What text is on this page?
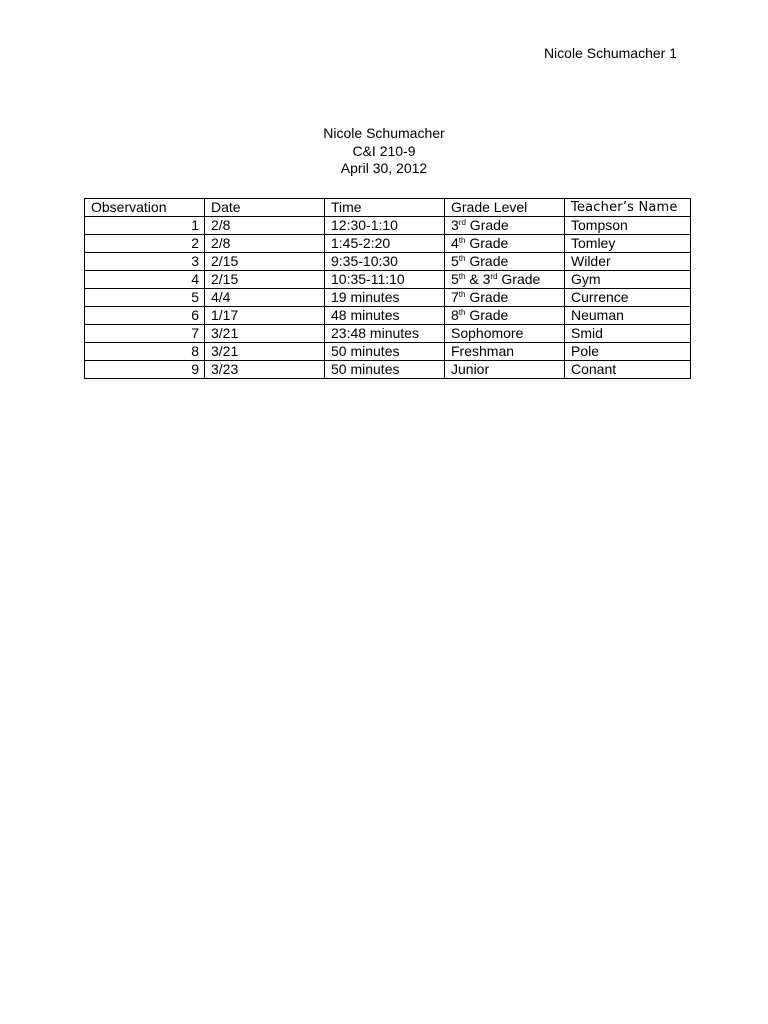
Nicole Schumacher 1
Nicole Schumacher
C&I 210-9
April 30, 2012
Observation	Date	Time	Grade Level	Teacher’s Name
1	2/8	12:30-1:10	3rd Grade	Tompson
2	2/8	1:45-2:20	4th Grade	Tomley
3	2/15	9:35-10:30	5th Grade	Wilder
4	2/15	10:35-11:10	5th & 3rd Grade	Gym
5	4/4	19 minutes	7th Grade	Currence
6	1/17	48 minutes	8th Grade	Neuman
7	3/21	23:48 minutes	Sophomore	Smid
8	3/21	50 minutes	Freshman	Pole
9	3/23	50 minutes	Junior	Conant
